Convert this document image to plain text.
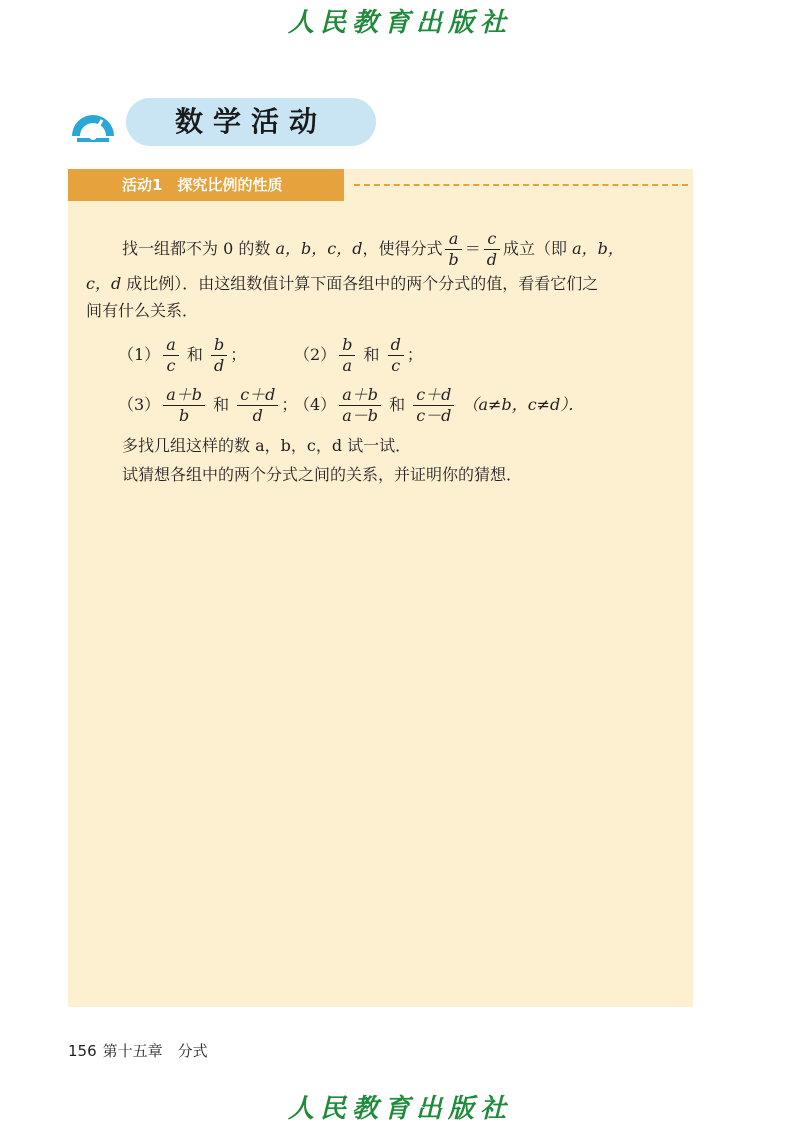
人民教育出版社
数学活动
活动1　探究比例的性质
找一组都不为 0 的数 a，b，c，d，使得分式 $\frac{a}{b} = \frac{c}{d}$ 成立（即 a，b，
c，d 成比例）．由这组数值计算下面各组中的两个分式的值，看看它们之
间有什么关系．
$(1) \frac{a}{c}$ 和 $\frac{b}{d}$ ；	$(2) \frac{b}{a}$ 和 $\frac{d}{c}$ ；
$(3) \frac{a+b}{b}$ 和 $\frac{c+d}{d}$ ；
$(4) \frac{a+b}{a-b}$ 和 $\frac{c+d}{c-d} (a\ne b$，c≠d）．
多找几组这样的数 a，b，c，d 试一试．
试猜想各组中的两个分式之间的关系，并证明你的猜想．
156 第十五章　分式
人民教育出版社
